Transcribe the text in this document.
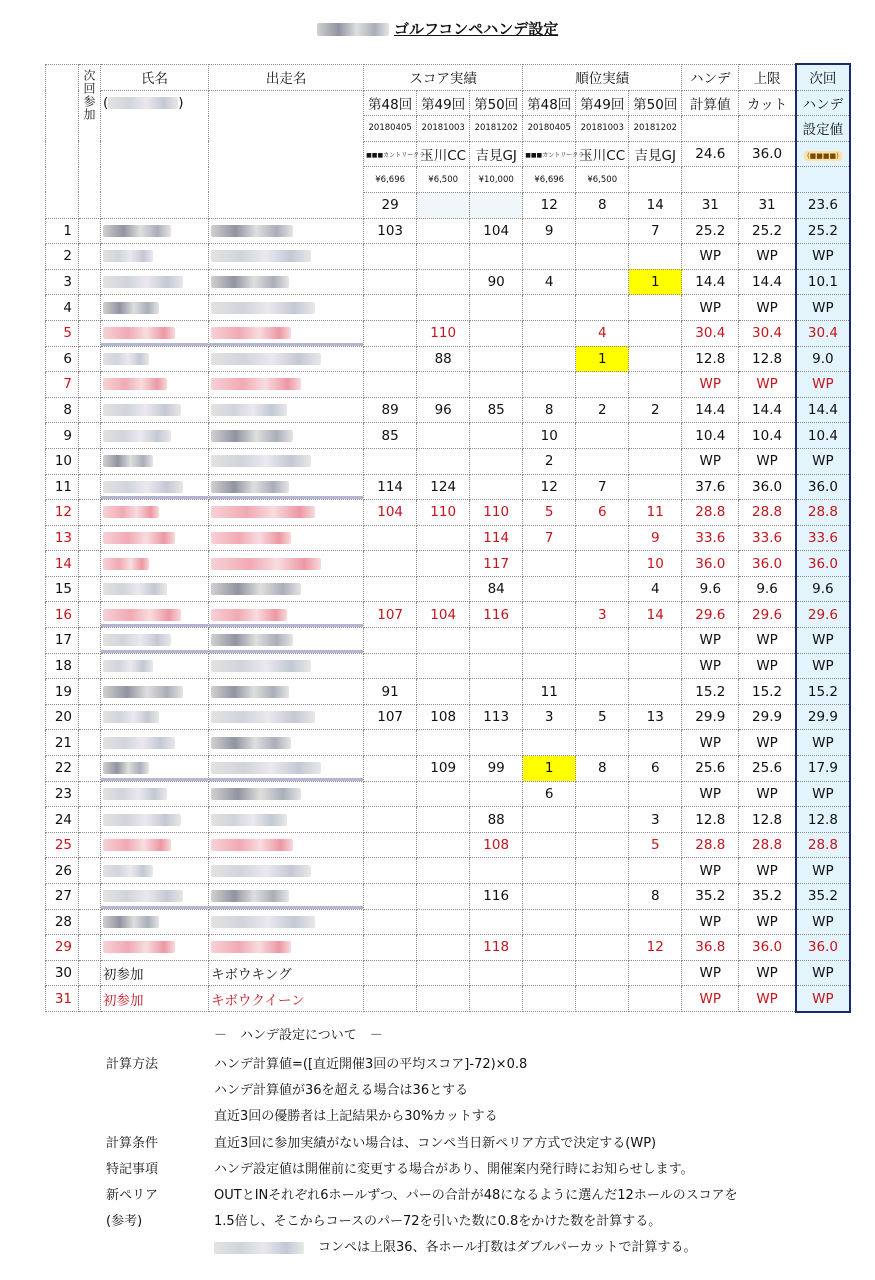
ゴルフコンペハンデ設定
	次回参加	氏名	出走名	スコア実績			順位実績			ハンデ	上限	次回
		( )		第48回	第49回	第50回	第48回	第49回	第50回	計算値	カット	ハンデ
				20180405	20181003	20181202	20180405	20181003	20181202			設定値
				■■■カントリークラブ	玉川CC	吉見GJ	■■■カントリークラブ	玉川CC	吉見GJ	24.6	36.0	(■■■■)
				¥6,696	¥6,500	¥10,000	¥6,696	¥6,500				
				29			12	8	14	31	31	23.6
1				103		104	9		7	25.2	25.2	25.2
2										WP	WP	WP
3						90	4		1	14.4	14.4	10.1
4										WP	WP	WP
5					110			4		30.4	30.4	30.4
6					88			1		12.8	12.8	9.0
7										WP	WP	WP
8				89	96	85	8	2	2	14.4	14.4	14.4
9				85			10			10.4	10.4	10.4
10							2			WP	WP	WP
11				114	124		12	7		37.6	36.0	36.0
12				104	110	110	5	6	11	28.8	28.8	28.8
13						114	7		9	33.6	33.6	33.6
14						117			10	36.0	36.0	36.0
15						84			4	9.6	9.6	9.6
16				107	104	116		3	14	29.6	29.6	29.6
17										WP	WP	WP
18										WP	WP	WP
19				91			11			15.2	15.2	15.2
20				107	108	113	3	5	13	29.9	29.9	29.9
21										WP	WP	WP
22					109	99	1	8	6	25.6	25.6	17.9
23							6			WP	WP	WP
24						88			3	12.8	12.8	12.8
25						108			5	28.8	28.8	28.8
26										WP	WP	WP
27						116			8	35.2	35.2	35.2
28										WP	WP	WP
29						118			12	36.8	36.0	36.0
30		初参加	キボウキング							WP	WP	WP
31		初参加	キボウクイーン							WP	WP	WP
－　ハンデ設定について　－
計算方法	ハンデ計算値=([直近開催3回の平均スコア]-72)×0.8
ハンデ計算値が36を超える場合は36とする
直近3回の優勝者は上記結果から30%カットする
計算条件	直近3回に参加実績がない場合は、コンペ当日新ペリア方式で決定する(WP)
特記事項	ハンデ設定値は開催前に変更する場合があり、開催案内発行時にお知らせします。
新ペリア	OUTとINそれぞれ6ホールずつ、パーの合計が48になるように選んだ12ホールのスコアを
(参考)	1.5倍し、そこからコースのパー72を引いた数に0.8をかけた数を計算する。
コンペは上限36、各ホール打数はダブルパーカットで計算する。
